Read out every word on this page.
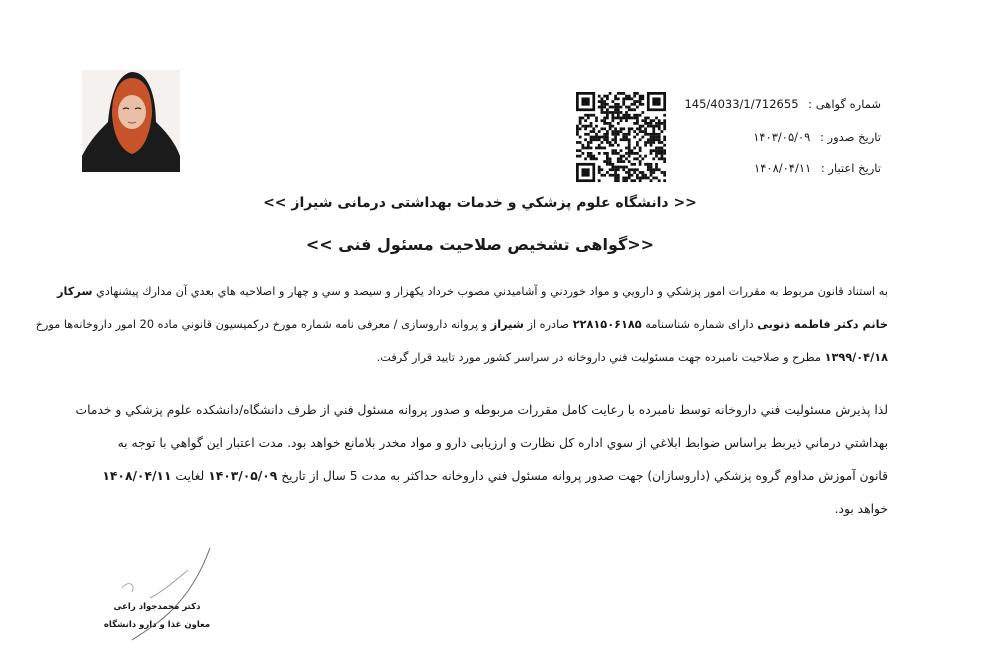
شماره گواهی : 145/4033/1/712655
تاريخ صدور : ۱۴۰۳/۰۵/۰۹
تاريخ اعتبار : ۱۴۰۸/۰۴/۱۱
<< دانشگاه علوم پزشكي و خدمات بهداشتی درمانی شیراز >>
<<گواهی تشخیص صلاحیت مسئول فنی >>
به استناد قانون مربوط به مقررات امور پزشكي و دارويي و مواد خوردني و آشاميدني مصوب خرداد يكهزار و سيصد و سي و چهار و اصلاحيه هاي بعدي آن مدارك پيشنهادي سركار
خانم دكتر فاطمه ذنوبی دارای شماره شناسنامه ۲۲۸۱۵۰۶۱۸۵ صادره از شیراز و پروانه داروسازی / معرفی نامه شماره مورخ دركميسيون قانوني ماده 20 امور داروخانه‌ها مورخ
۱۳۹۹/۰۴/۱۸ مطرح و صلاحيت نامبرده جهت مسئوليت فني داروخانه در سراسر كشور مورد تاييد قرار گرفت.
لذا پذيرش مسئوليت فني داروخانه توسط نامبرده با رعايت كامل مقررات مربوطه و صدور پروانه مسئول فني از طرف دانشگاه/دانشكده علوم پزشكي و خدمات
بهداشتي درماني ذيربط براساس ضوابط ابلاغي از سوي اداره كل نظارت و ارزيابی دارو و مواد مخدر بلامانع خواهد بود. مدت اعتبار اين گواهي با توجه به
قانون آموزش مداوم گروه پزشكي (داروسازان) جهت صدور پروانه مسئول فني داروخانه حداكثر به مدت 5 سال از تاریخ ۱۴۰۳/۰۵/۰۹ لغایت ۱۴۰۸/۰۴/۱۱
خواهد بود.
دكتر محمدجواد راعی
معاون غذا و دارو دانشگاه
